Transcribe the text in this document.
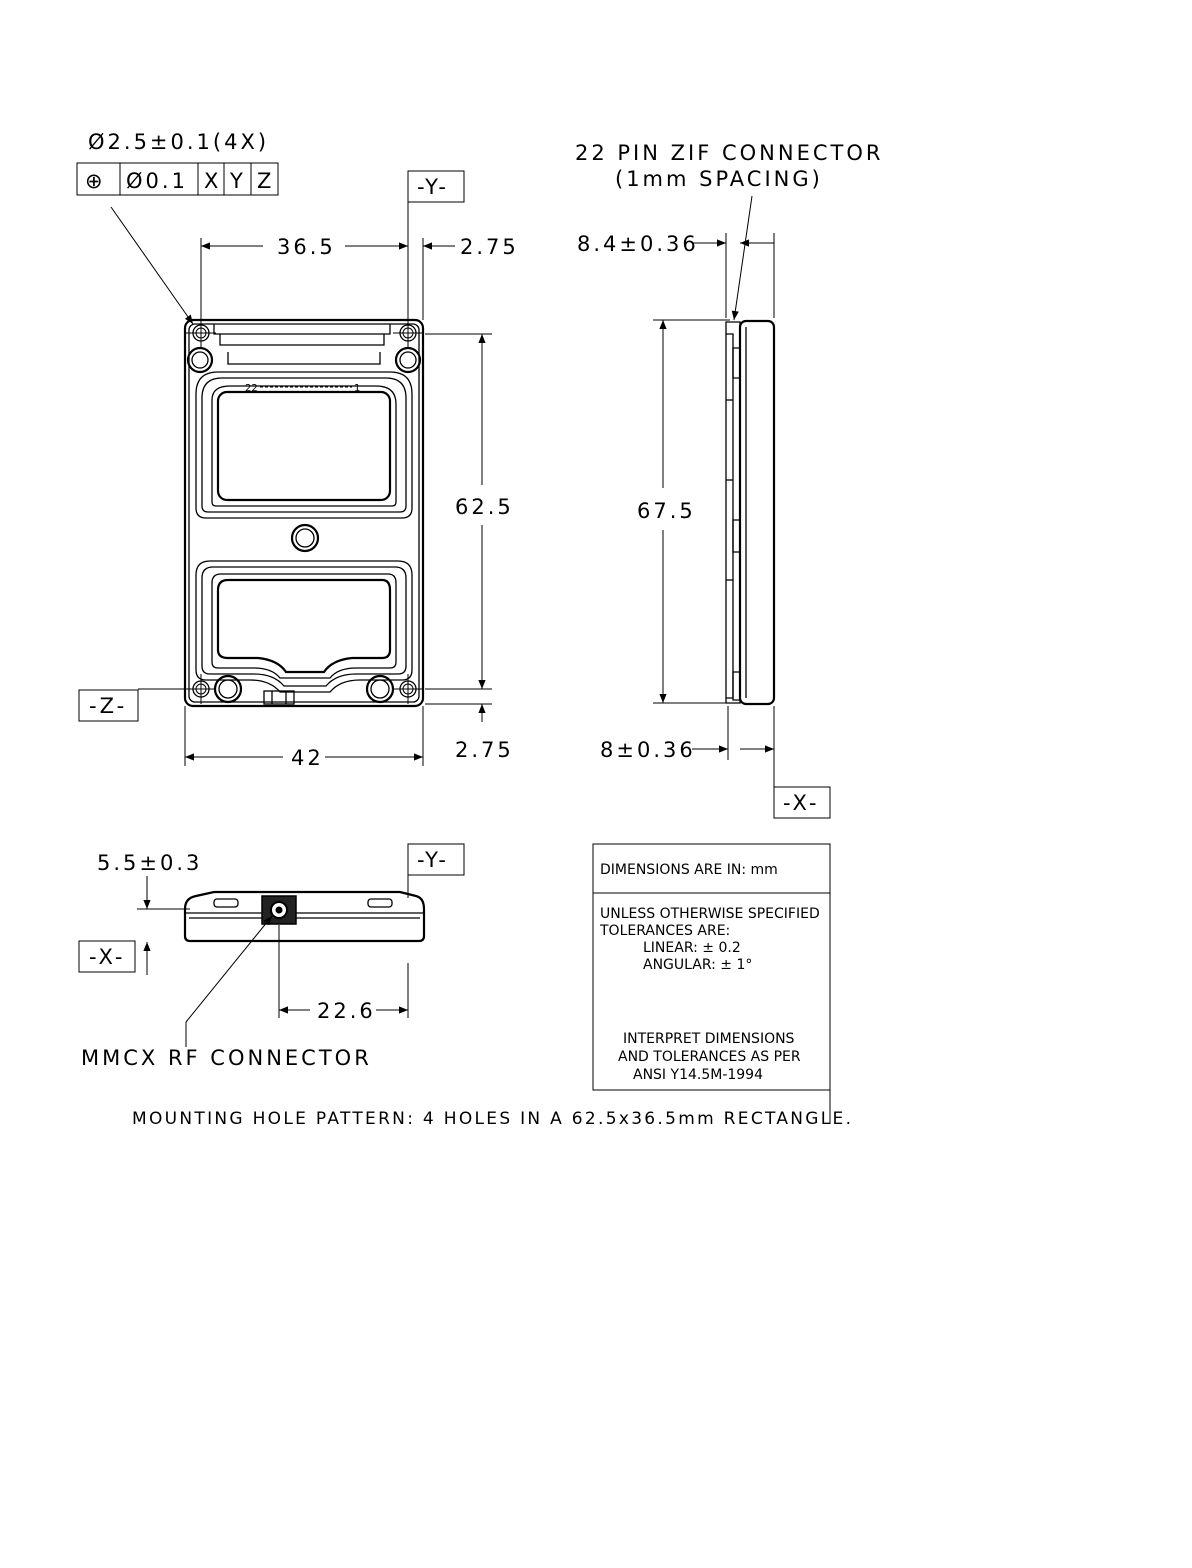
Ø2.5±0.1(4X)
⊕ Ø0.1 X Y Z	-Y-
36.5	2.75
62.5
2.75
-Z-
42
22	1
22 PIN ZIF CONNECTOR
(1mm SPACING)
8.4±0.36
67.5
8±0.36
-X-
5.5±0.3	-Y-
-X-
22.6
MMCX RF CONNECTOR
DIMENSIONS ARE IN: mm
UNLESS OTHERWISE SPECIFIED
TOLERANCES ARE:
LINEAR: ± 0.2
ANGULAR: ± 1°
INTERPRET DIMENSIONS
AND TOLERANCES AS PER
ANSI Y14.5M-1994
MOUNTING HOLE PATTERN: 4 HOLES IN A 62.5x36.5mm RECTANGLE.
